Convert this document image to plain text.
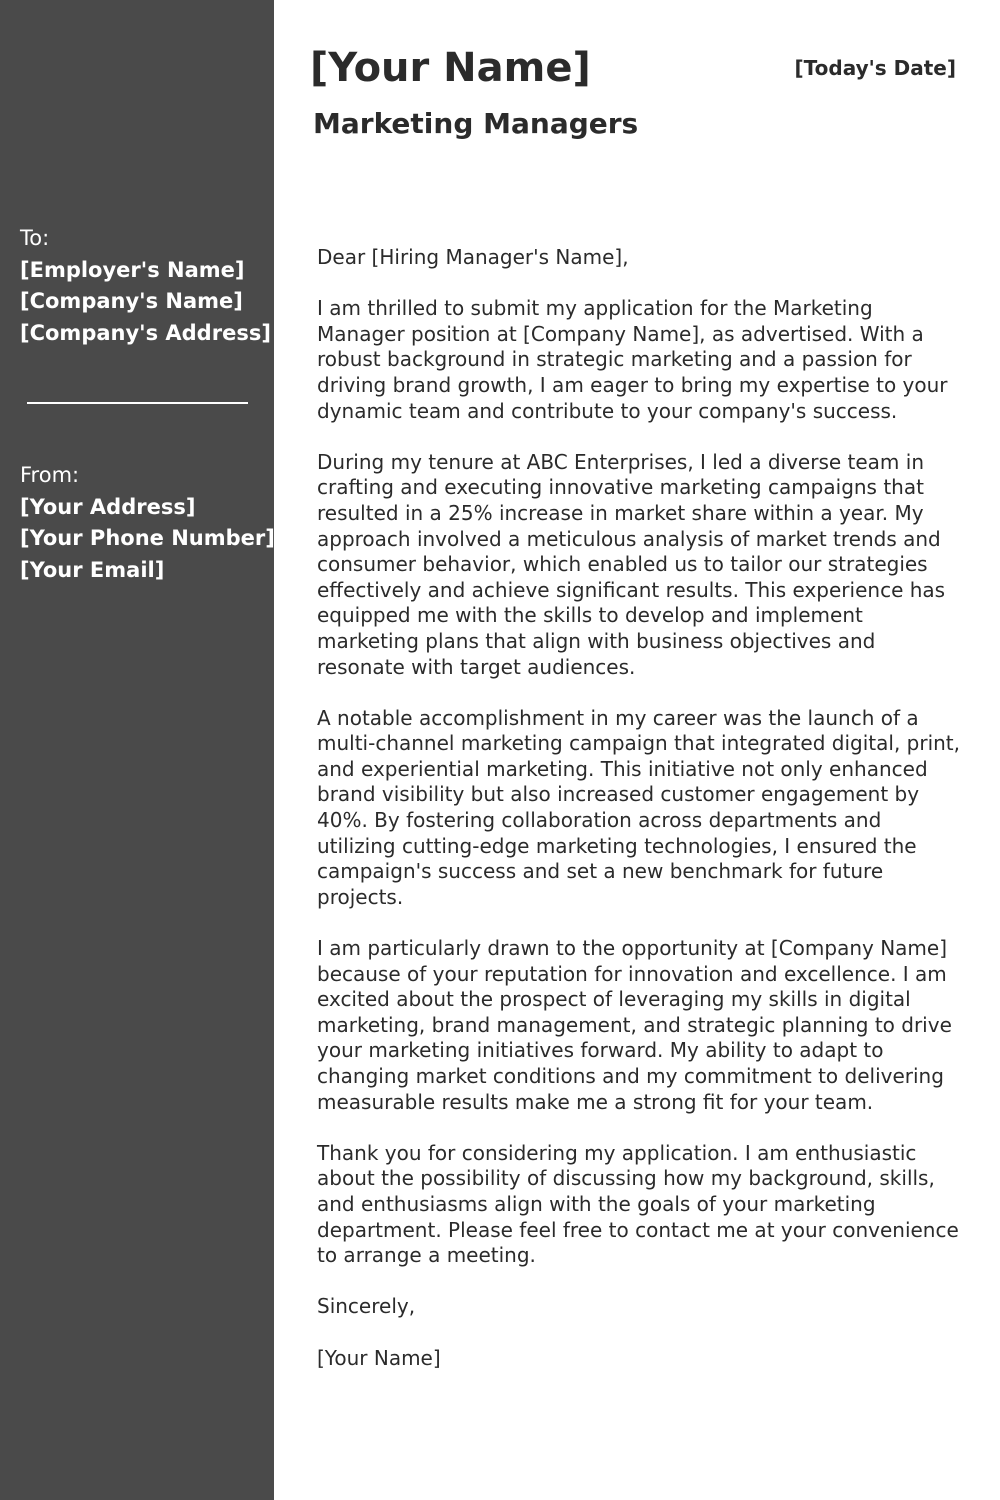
To:
[Employer's Name]
[Company's Name]
[Company's Address]
From:
[Your Address]
[Your Phone Number]
[Your Email]
[Your Name]	[Today's Date]
Marketing Managers

Dear [Hiring Manager's Name],

I am thrilled to submit my application for the Marketing Manager position at [Company Name], as advertised. With a robust background in strategic marketing and a passion for driving brand growth, I am eager to bring my expertise to your dynamic team and contribute to your company's success.

During my tenure at ABC Enterprises, I led a diverse team in crafting and executing innovative marketing campaigns that resulted in a 25% increase in market share within a year. My approach involved a meticulous analysis of market trends and consumer behavior, which enabled us to tailor our strategies effectively and achieve significant results. This experience has equipped me with the skills to develop and implement marketing plans that align with business objectives and resonate with target audiences.

A notable accomplishment in my career was the launch of a multi-channel marketing campaign that integrated digital, print, and experiential marketing. This initiative not only enhanced brand visibility but also increased customer engagement by 40%. By fostering collaboration across departments and utilizing cutting-edge marketing technologies, I ensured the campaign's success and set a new benchmark for future projects.

I am particularly drawn to the opportunity at [Company Name] because of your reputation for innovation and excellence. I am excited about the prospect of leveraging my skills in digital marketing, brand management, and strategic planning to drive your marketing initiatives forward. My ability to adapt to changing market conditions and my commitment to delivering measurable results make me a strong fit for your team.

Thank you for considering my application. I am enthusiastic about the possibility of discussing how my background, skills, and enthusiasms align with the goals of your marketing department. Please feel free to contact me at your convenience to arrange a meeting.

Sincerely,

[Your Name]
